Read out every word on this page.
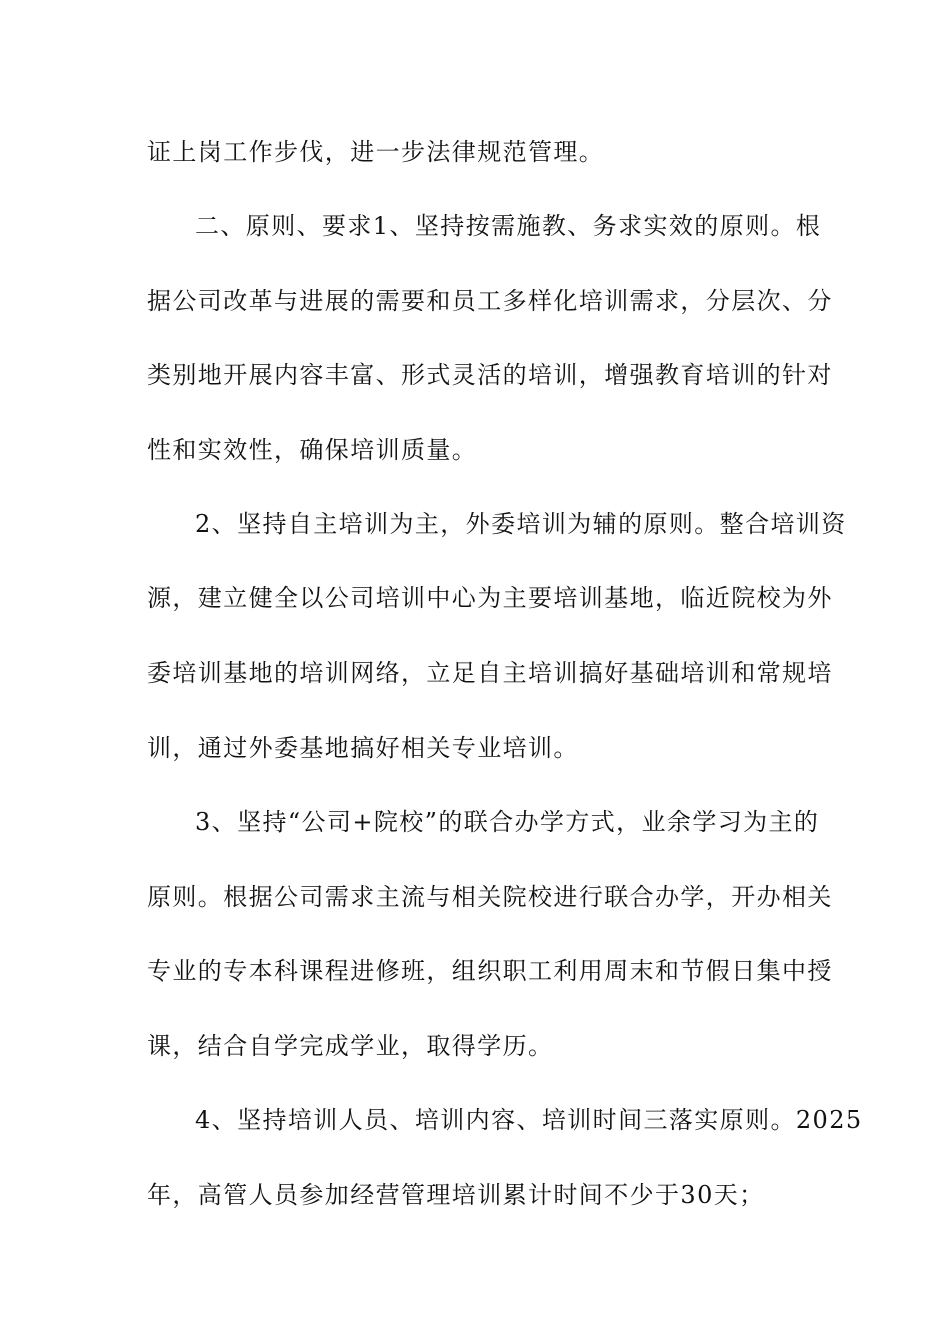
证上岗工作步伐，进一步法律规范管理。
二、原则、要求1、坚持按需施教、务求实效的原则。根
据公司改革与进展的需要和员工多样化培训需求，分层次、分
类别地开展内容丰富、形式灵活的培训，增强教育培训的针对
性和实效性，确保培训质量。
2、坚持自主培训为主，外委培训为辅的原则。整合培训资
源，建立健全以公司培训中心为主要培训基地，临近院校为外
委培训基地的培训网络，立足自主培训搞好基础培训和常规培
训，通过外委基地搞好相关专业培训。
3、坚持“公司+院校”的联合办学方式，业余学习为主的
原则。根据公司需求主流与相关院校进行联合办学，开办相关
专业的专本科课程进修班，组织职工利用周末和节假日集中授
课，结合自学完成学业，取得学历。
4、坚持培训人员、培训内容、培训时间三落实原则。2025
年，高管人员参加经营管理培训累计时间不少于30天；
